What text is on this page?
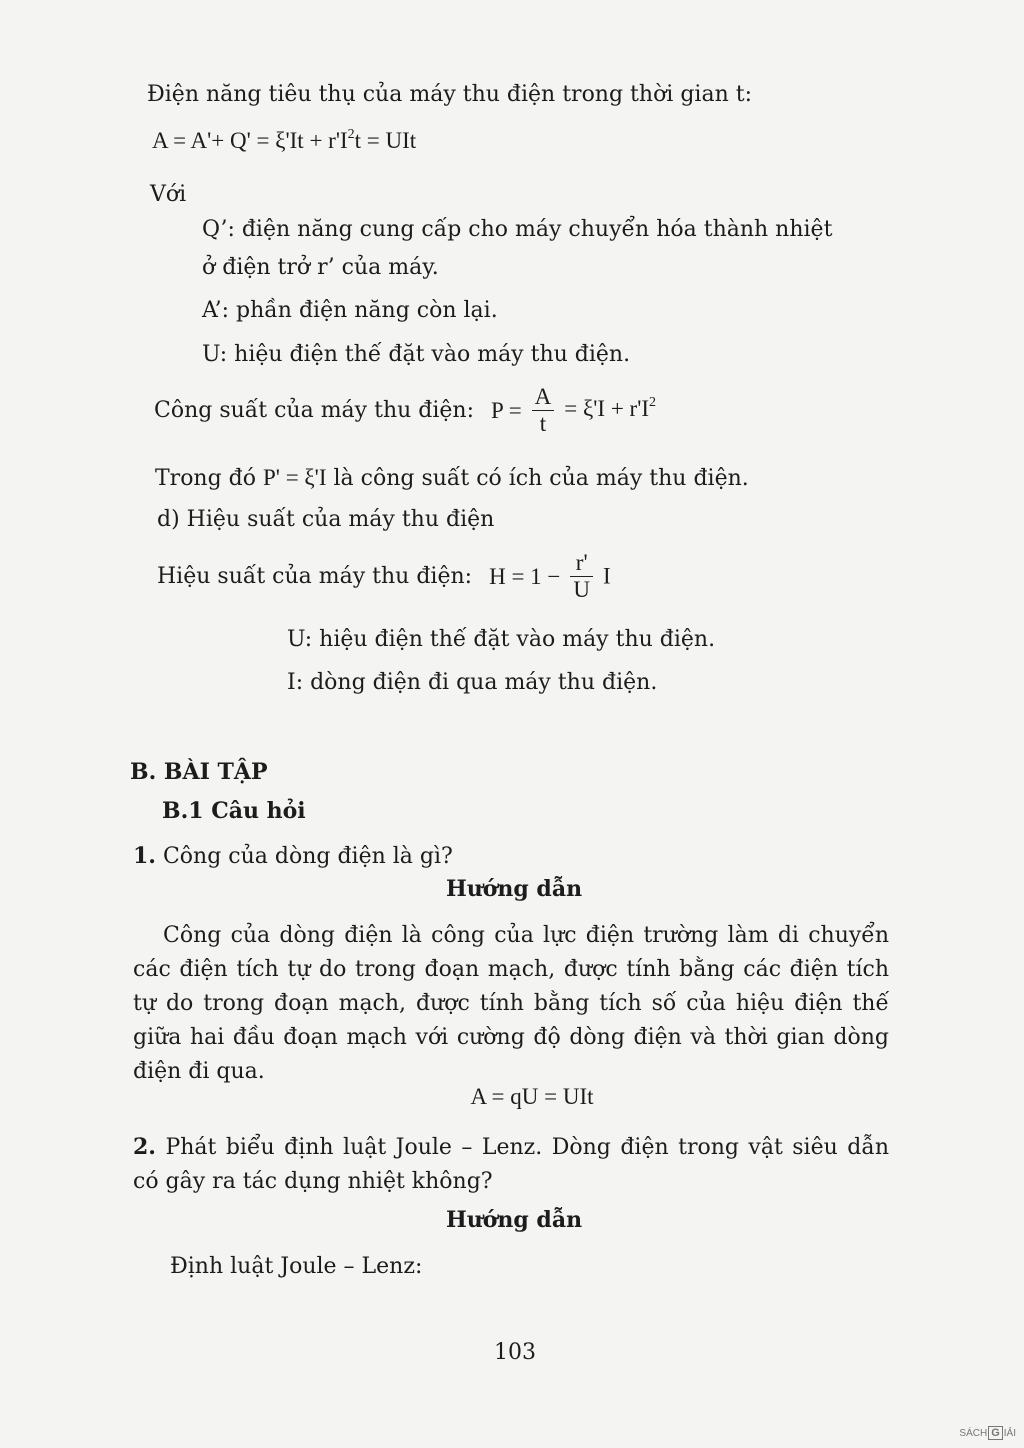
Điện năng tiêu thụ của máy thu điện trong thời gian t:
$A = A'+ Q' = \xi'It + r'I^2t$ = UIt
Với
Q’: điện năng cung cấp cho máy chuyển hóa thành nhiệt
ở điện trở r’ của máy.
A’: phần điện năng còn lại.
U: hiệu điện thế đặt vào máy thu điện.
Công suất của máy thu điện: $P = \frac{A}{t} = \xi'I + r'I^2$
Trong đó P' = ξ'I là công suất có ích của máy thu điện.
d) Hiệu suất của máy thu điện
Hiệu suất của máy thu điện: $H = 1 - \frac{r'}{U}$ I
U: hiệu điện thế đặt vào máy thu điện.
I: dòng điện đi qua máy thu điện.
B. BÀI TẬP
B.1 Câu hỏi
1. Công của dòng điện là gì?
Hướng dẫn
Công của dòng điện là công của lực điện trường làm di chuyển các điện tích tự do trong đoạn mạch, được tính bằng các điện tích tự do trong đoạn mạch, được tính bằng tích số của hiệu điện thế giữa hai đầu đoạn mạch với cường độ dòng điện và thời gian dòng điện đi qua.
A = qU = UIt
2. Phát biểu định luật Joule – Lenz. Dòng điện trong vật siêu dẫn có gây ra tác dụng nhiệt không?
Hướng dẫn
Định luật Joule – Lenz:
103
SÁCH G IẢI
